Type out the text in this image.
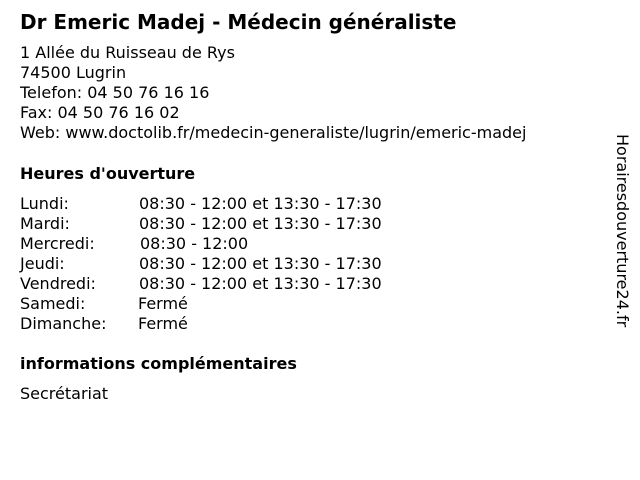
Dr Emeric Madej - Médecin généraliste
1 Allée du Ruisseau de Rys
74500 Lugrin
Telefon: 04 50 76 16 16
Fax: 04 50 76 16 02
Web: www.doctolib.fr/medecin-generaliste/lugrin/emeric-madej
Heures d'ouverture
Lundi:	08:30 - 12:00 et 13:30 - 17:30
Mardi:	08:30 - 12:00 et 13:30 - 17:30
Mercredi:	08:30 - 12:00
Jeudi:	08:30 - 12:00 et 13:30 - 17:30
Vendredi:	08:30 - 12:00 et 13:30 - 17:30
Samedi:	Fermé
Dimanche: Fermé
informations complémentaires
Secrétariat
Horairesdouverture24.fr
